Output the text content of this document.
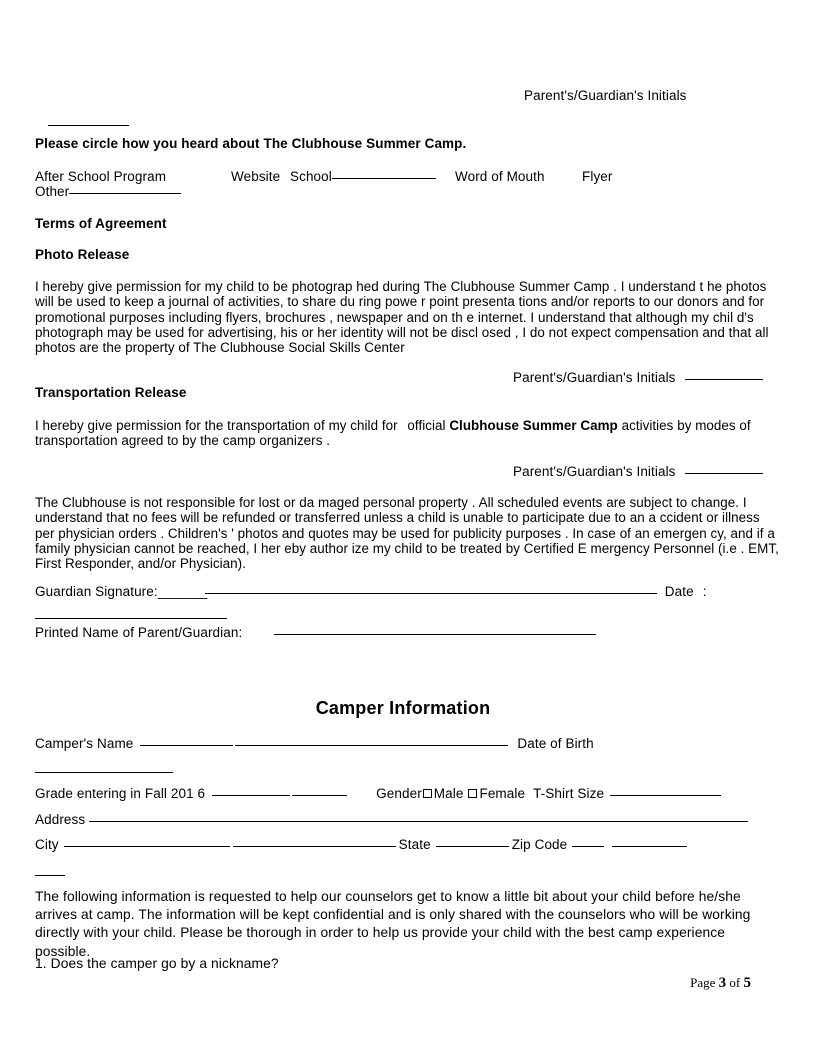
Parent's/Guardian's Initials
Please circle how you heard about The Clubhouse Summer Camp.
After School Program	Website School	Word of Mouth	Flyer
Other
Terms of Agreement
Photo Release
I hereby give permission for my child to be photograp hed during The Clubhouse Summer Camp . I understand t he photos will be used to keep a journal of activities, to share du ring powe r point presenta tions and/or reports to our donors and for promotional purposes including flyers, brochures , newspaper and on th e internet. I understand that although my chil d's photograph may be used for advertising, his or her identity will not be discl osed , I do not expect compensation and that all photos are the property of The Clubhouse Social Skills Center
Parent's/Guardian's Initials
Transportation Release
I hereby give permission for the transportation of my child for official Clubhouse Summer Camp activities by modes of transportation agreed to by the camp organizers .
Parent's/Guardian's Initials
The Clubhouse is not responsible for lost or da maged personal property . All scheduled events are subject to change. I understand that no fees will be refunded or transferred unless a child is unable to participate due to an a ccident or illness per physician orders . Children's ' photos and quotes may be used for publicity purposes . In case of an emergen cy, and if a family physician cannot be reached, I her eby author ize my child to be treated by Certified E mergency Personnel (i.e . EMT, First Responder, and/or Physician).
Guardian Signature:_______	Date :
Printed Name of Parent/Guardian:
Camper Information
Camper's Name	Date of Birth
Grade entering in Fall 201 6	Gender Male Female T-Shirt Size
Address
City	State	Zip Code
The following information is requested to help our counselors get to know a little bit about your child before he/she arrives at camp. The information will be kept confidential and is only shared with the counselors who will be working directly with your child. Please be thorough in order to help us provide your child with the best camp experience possible.
1. Does the camper go by a nickname?
Page 3 of 5
